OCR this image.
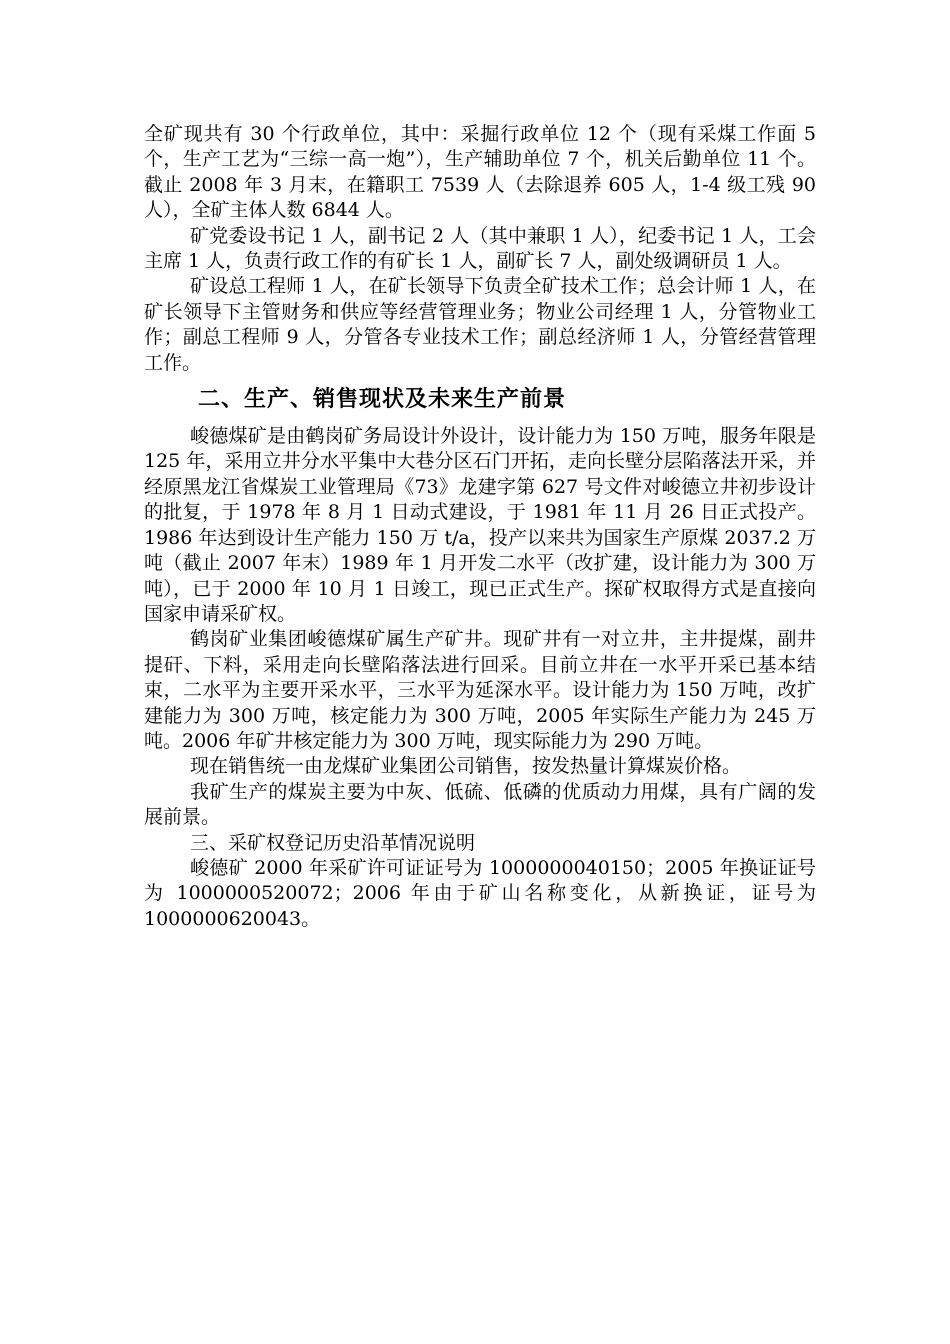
全矿现共有 30 个行政单位，其中：采掘行政单位 12 个（现有采煤工作面 5 个，生产工艺为“三综一高一炮”），生产辅助单位 7 个，机关后勤单位 11 个。截止 2008 年 3 月末，在籍职工 7539 人（去除退养 605 人，1-4 级工残 90 人），全矿主体人数 6844 人。

矿党委设书记 1 人，副书记 2 人（其中兼职 1 人），纪委书记 1 人，工会主席 1 人，负责行政工作的有矿长 1 人，副矿长 7 人，副处级调研员 1 人。

矿设总工程师 1 人，在矿长领导下负责全矿技术工作；总会计师 1 人，在矿长领导下主管财务和供应等经营管理业务；物业公司经理 1 人，分管物业工作；副总工程师 9 人，分管各专业技术工作；副总经济师 1 人，分管经营管理工作。

二、生产、销售现状及未来生产前景

峻德煤矿是由鹤岗矿务局设计外设计，设计能力为 150 万吨，服务年限是 125 年，采用立井分水平集中大巷分区石门开拓，走向长壁分层陷落法开采，并经原黑龙江省煤炭工业管理局《73》龙建字第 627 号文件对峻德立井初步设计的批复，于 1978 年 8 月 1 日动式建设，于 1981 年 11 月 26 日正式投产。1986 年达到设计生产能力 150 万 t/a，投产以来共为国家生产原煤 2037.2 万吨（截止 2007 年末）1989 年 1 月开发二水平（改扩建，设计能力为 300 万吨），已于 2000 年 10 月 1 日竣工，现已正式生产。探矿权取得方式是直接向国家申请采矿权。

鹤岗矿业集团峻德煤矿属生产矿井。现矿井有一对立井，主井提煤，副井提矸、下料，采用走向长壁陷落法进行回采。目前立井在一水平开采已基本结束，二水平为主要开采水平，三水平为延深水平。设计能力为 150 万吨，改扩建能力为 300 万吨，核定能力为 300 万吨，2005 年实际生产能力为 245 万吨。2006 年矿井核定能力为 300 万吨，现实际能力为 290 万吨。

现在销售统一由龙煤矿业集团公司销售，按发热量计算煤炭价格。

我矿生产的煤炭主要为中灰、低硫、低磷的优质动力用煤，具有广阔的发展前景。

三、采矿权登记历史沿革情况说明

峻德矿 2000 年采矿许可证证号为 1000000040150；2005 年换证证号为 1000000520072；2006 年由于矿山名称变化，从新换证，证号为 1000000620043。
